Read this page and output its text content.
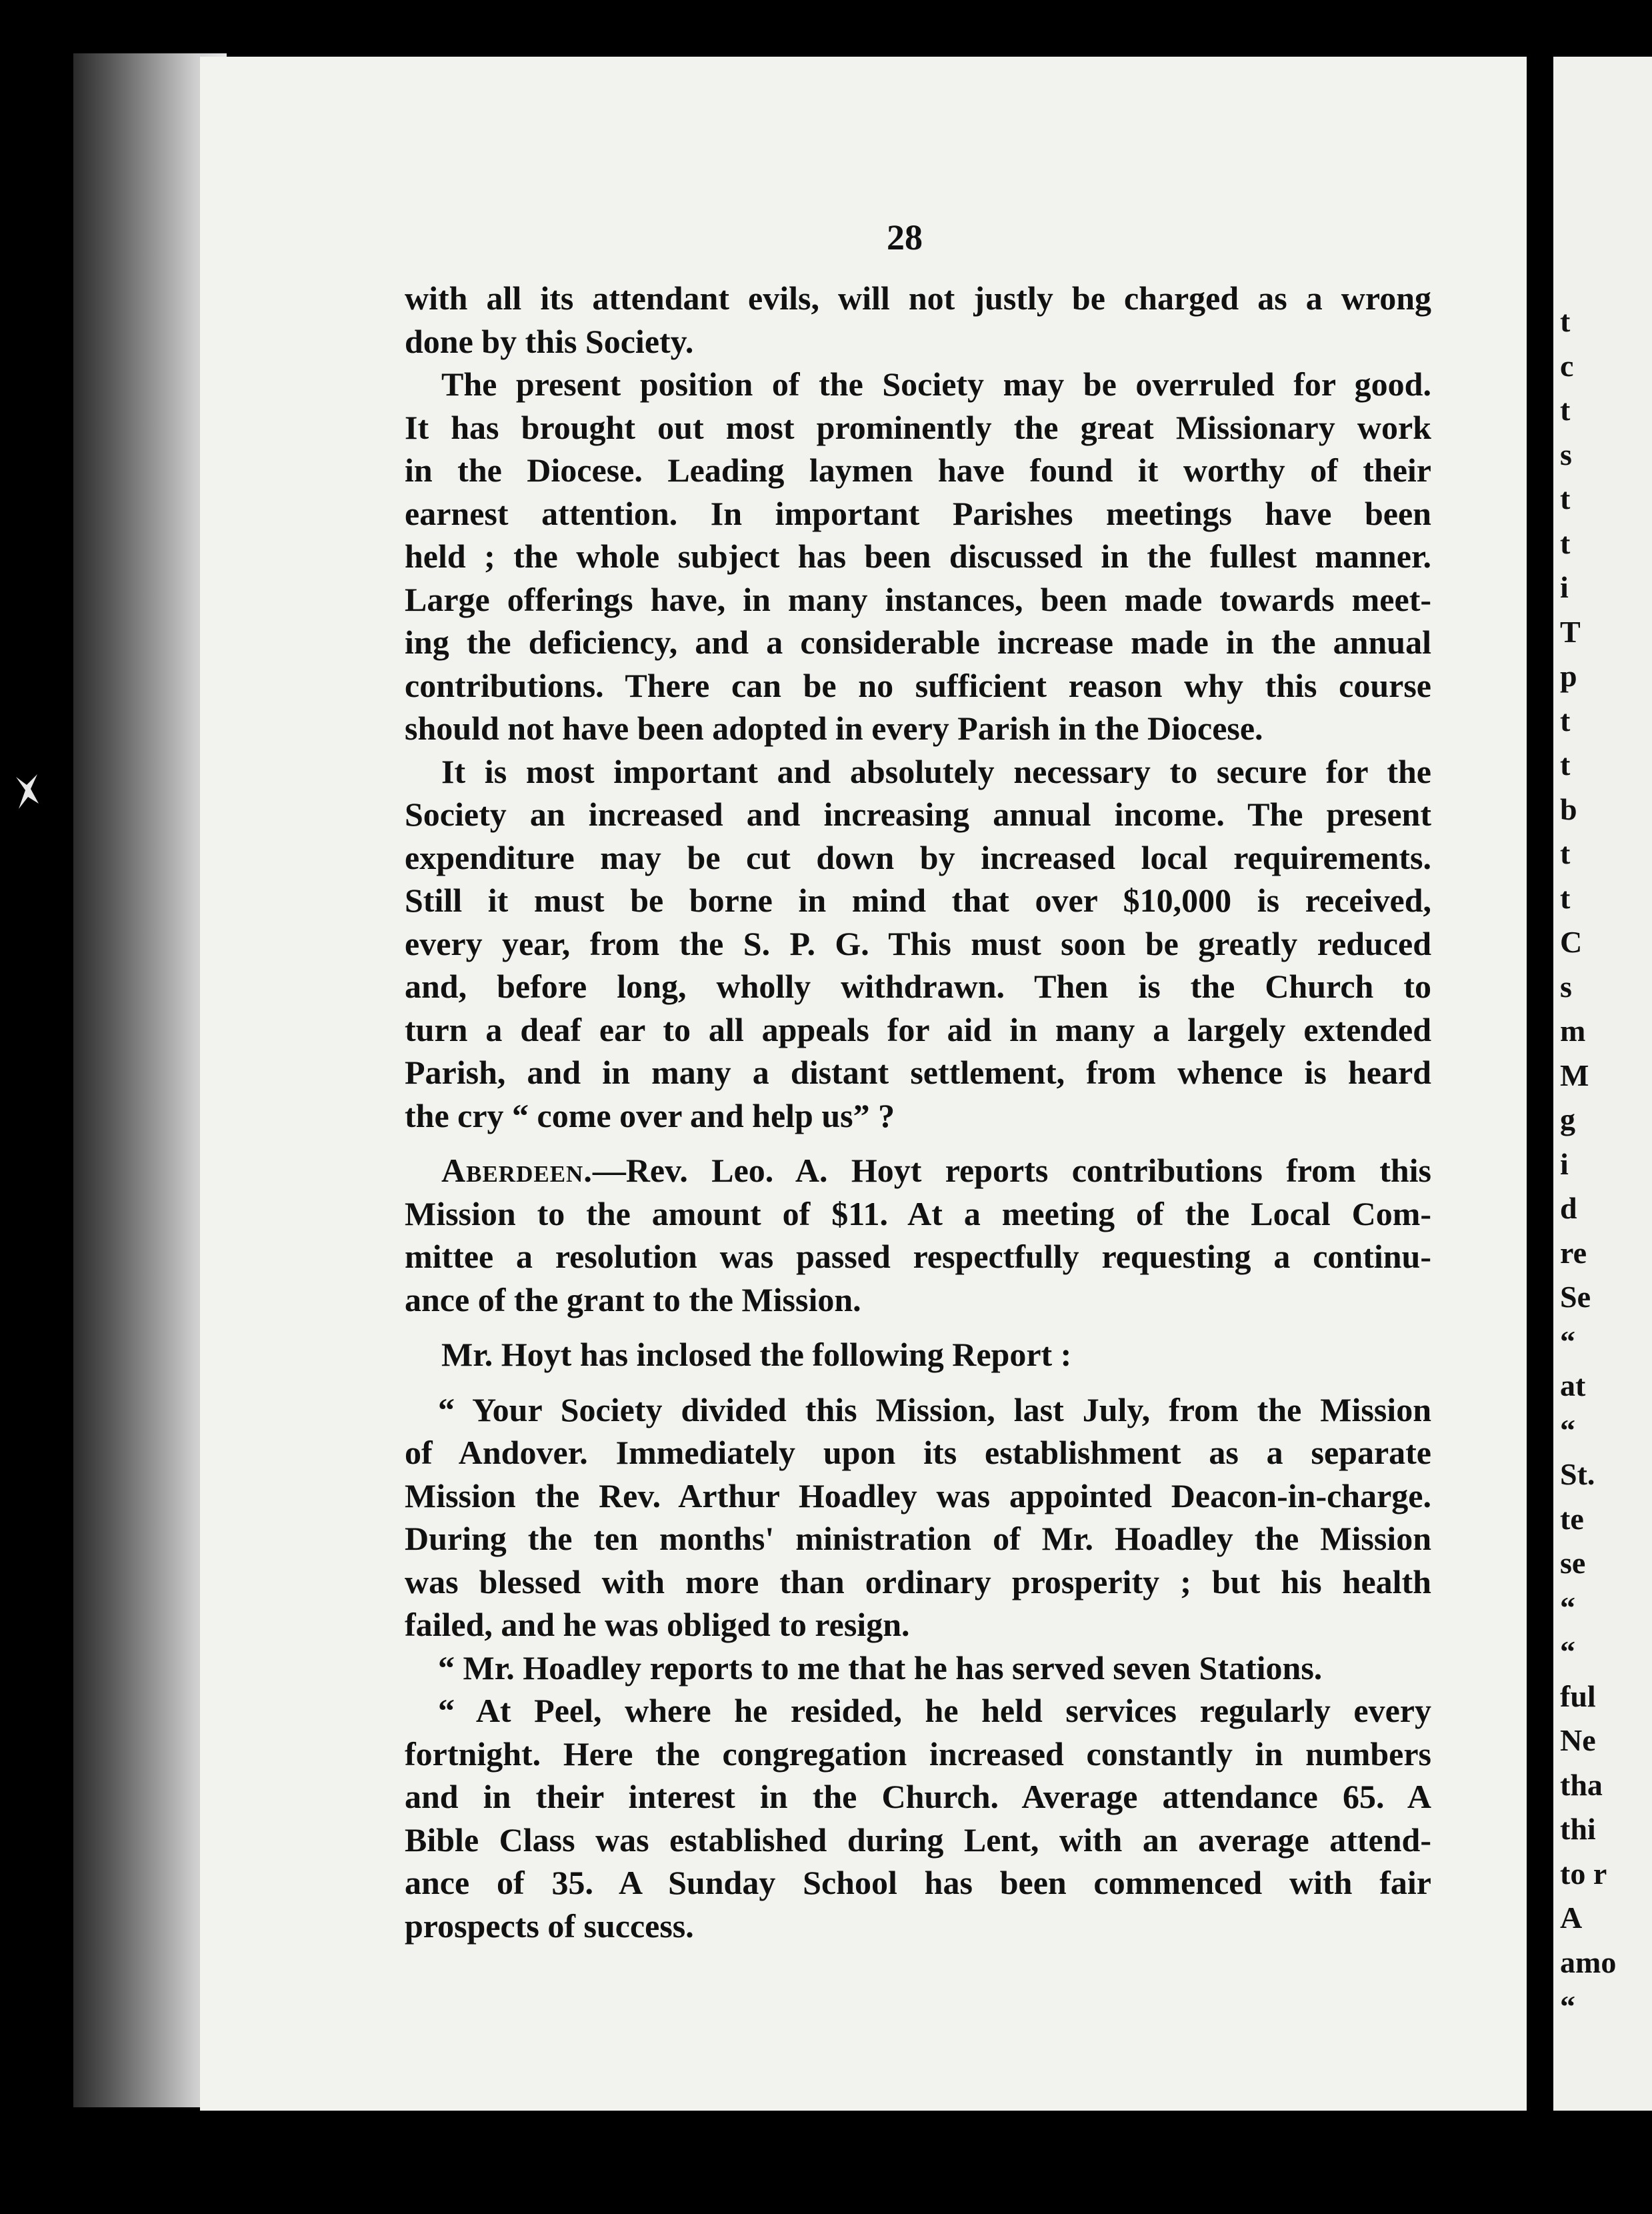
t
c
t
s
t
t
i
T
p
t
t
b
t
t
C
s
m
M
g
i
d
re
Se
“
at
“
St.
te
se
“
“
ful
Ne
tha
thi
to r
A
amo
“
28

with all its attendant evils, will not justly be charged as a wrong
done by this Society.

The present position of the Society may be overruled for good.
It has brought out most prominently the great Missionary work
in the Diocese. Leading laymen have found it worthy of their
earnest attention. In important Parishes meetings have been
held ; the whole subject has been discussed in the fullest manner.
Large offerings have, in many instances, been made towards meet-
ing the deficiency, and a considerable increase made in the annual
contributions. There can be no sufficient reason why this course
should not have been adopted in every Parish in the Diocese.

It is most important and absolutely necessary to secure for the
Society an increased and increasing annual income. The present
expenditure may be cut down by increased local requirements.
Still it must be borne in mind that over $10,000 is received,
every year, from the S. P. G. This must soon be greatly reduced
and, before long, wholly withdrawn. Then is the Church to
turn a deaf ear to all appeals for aid in many a largely extended
Parish, and in many a distant settlement, from whence is heard
the cry “ come over and help us” ?

Aberdeen.—Rev. Leo. A. Hoyt reports contributions from this
Mission to the amount of $11. At a meeting of the Local Com-
mittee a resolution was passed respectfully requesting a continu-
ance of the grant to the Mission.

Mr. Hoyt has inclosed the following Report :

“ Your Society divided this Mission, last July, from the Mission
of Andover. Immediately upon its establishment as a separate
Mission the Rev. Arthur Hoadley was appointed Deacon-in-charge.
During the ten months' ministration of Mr. Hoadley the Mission
was blessed with more than ordinary prosperity ; but his health
failed, and he was obliged to resign.

“ Mr. Hoadley reports to me that he has served seven Stations.

“ At Peel, where he resided, he held services regularly every
fortnight. Here the congregation increased constantly in numbers
and in their interest in the Church. Average attendance 65. A
Bible Class was established during Lent, with an average attend-
ance of 35. A Sunday School has been commenced with fair
prospects of success.
